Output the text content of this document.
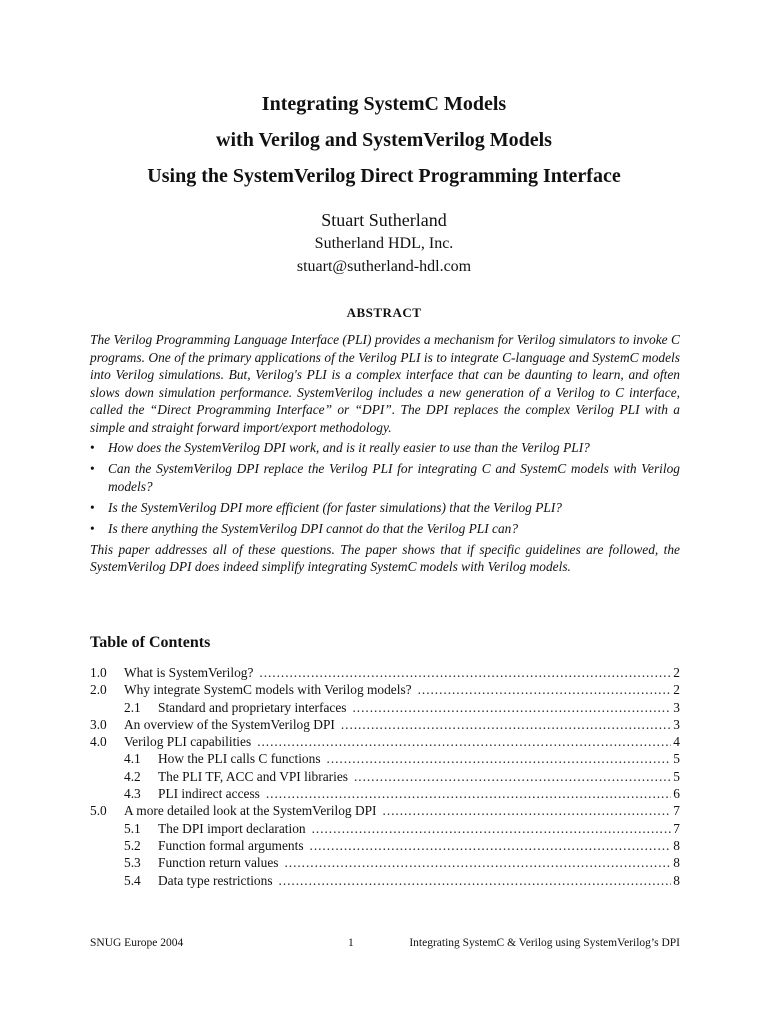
Integrating SystemC Models
with Verilog and SystemVerilog Models
Using the SystemVerilog Direct Programming Interface
Stuart Sutherland
Sutherland HDL, Inc.
stuart@sutherland-hdl.com
ABSTRACT

The Verilog Programming Language Interface (PLI) provides a mechanism for Verilog simulators to invoke C programs. One of the primary applications of the Verilog PLI is to integrate C-language and SystemC models into Verilog simulations. But, Verilog's PLI is a complex interface that can be daunting to learn, and often slows down simulation performance. SystemVerilog includes a new generation of a Verilog to C interface, called the “Direct Programming Interface” or “DPI”. The DPI replaces the complex Verilog PLI with a simple and straight forward import/export methodology.

• How does the SystemVerilog DPI work, and is it really easier to use than the Verilog PLI?
• Can the SystemVerilog DPI replace the Verilog PLI for integrating C and SystemC models with Verilog models?
• Is the SystemVerilog DPI more efficient (for faster simulations) that the Verilog PLI?
• Is there anything the SystemVerilog DPI cannot do that the Verilog PLI can?

This paper addresses all of these questions. The paper shows that if specific guidelines are followed, the SystemVerilog DPI does indeed simplify integrating SystemC models with Verilog models.

Table of Contents
1.0	What is SystemVerilog? . . .	2
2.0	Why integrate SystemC models with Verilog models? . . .	2
2.1	Standard and proprietary interfaces . . .	3
3.0	An overview of the SystemVerilog DPI . . .	3
4.0	Verilog PLI capabilities . . .	4
4.1	How the PLI calls C functions . . .	5
4.2	The PLI TF, ACC and VPI libraries . . .	5
4.3	PLI indirect access . . .	6
5.0	A more detailed look at the SystemVerilog DPI . . .	7
5.1	The DPI import declaration . . .	7
5.2	Function formal arguments . . .	8
5.3	Function return values . . .	8
5.4	Data type restrictions . . .	8
SNUG Europe 2004	1	Integrating SystemC & Verilog using SystemVerilog’s DPI
